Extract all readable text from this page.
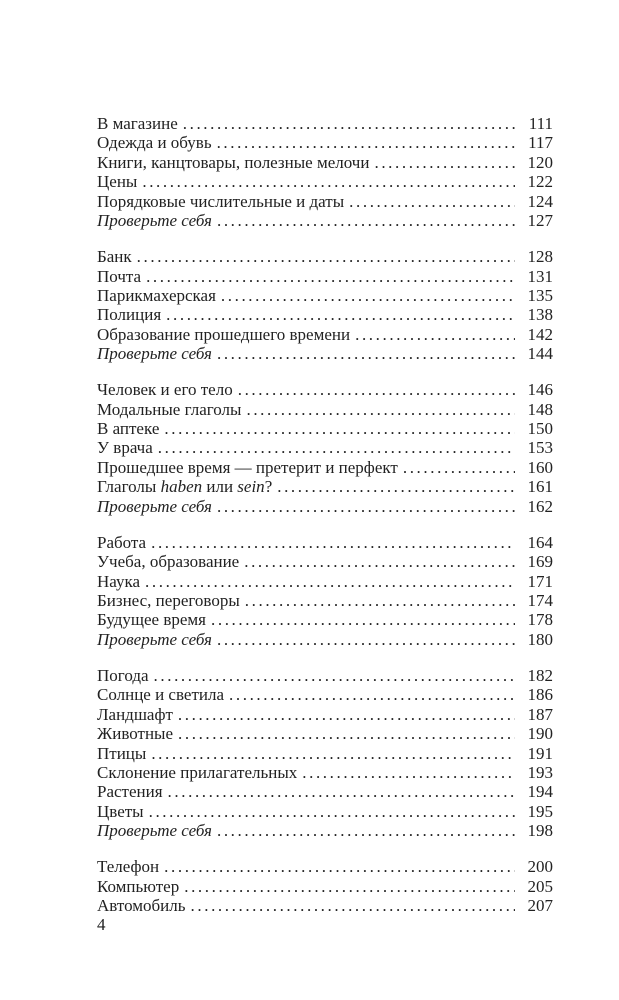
В магазине .....	111
Одежда и обувь .....	117
Книги, канцтовары, полезные мелочи .....	120
Цены .....	122
Порядковые числительные и даты .....	124
Проверьте себя .....	127
Банк .....	128
Почта .....	131
Парикмахерская .....	135
Полиция .....	138
Образование прошедшего времени .....	142
Проверьте себя .....	144
Человек и его тело .....	146
Модальные глаголы .....	148
В аптеке .....	150
У врача .....	153
Прошедшее время — претерит и перфект .....	160
Глаголы haben или sein? .....	161
Проверьте себя .....	162
Работа .....	164
Учеба, образование .....	169
Наука .....	171
Бизнес, переговоры .....	174
Будущее время .....	178
Проверьте себя .....	180
Погода .....	182
Солнце и светила .....	186
Ландшафт .....	187
Животные .....	190
Птицы .....	191
Склонение прилагательных .....	193
Растения .....	194
Цветы .....	195
Проверьте себя .....	198
Телефон .....	200
Компьютер .....	205
Автомобиль .....	207
4
